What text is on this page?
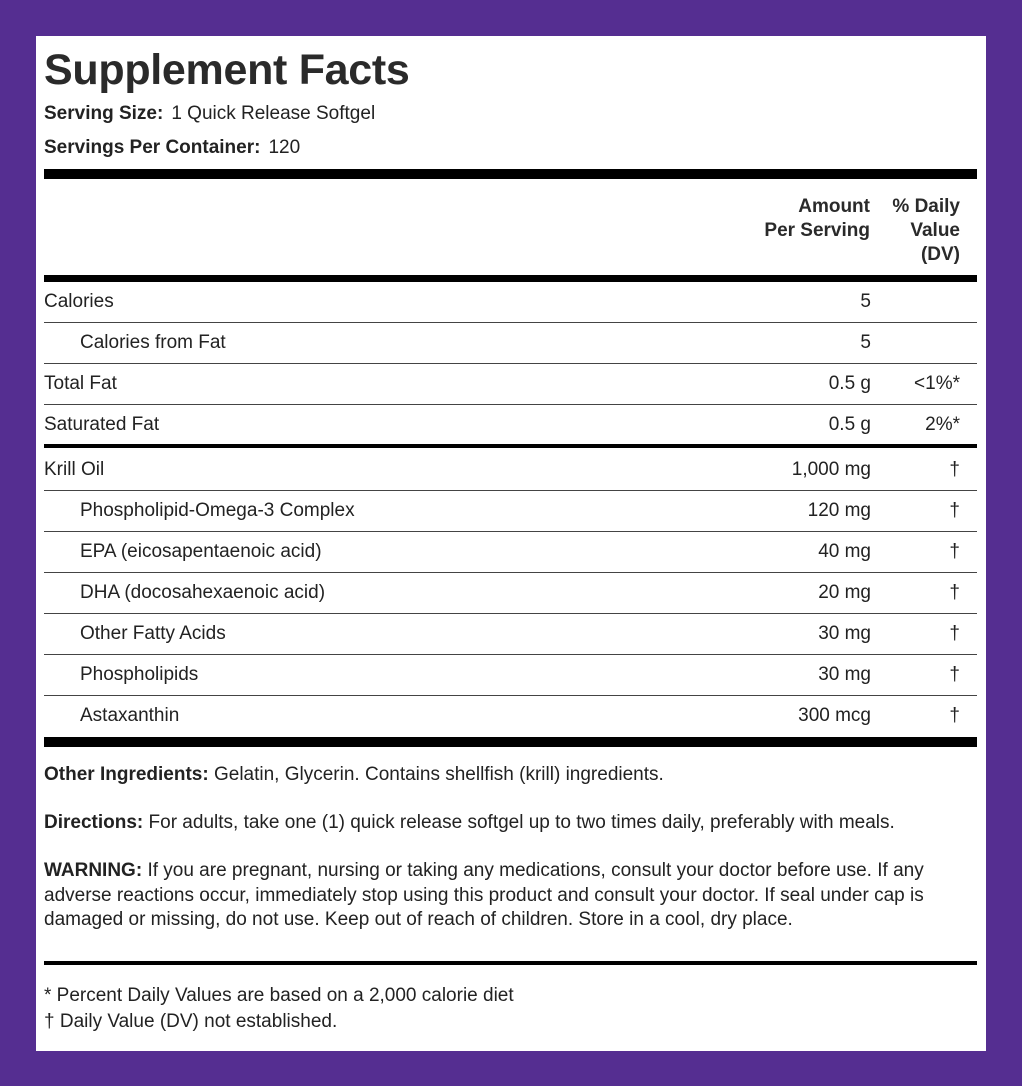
Supplement Facts
Serving Size: 1 Quick Release Softgel
Servings Per Container: 120
Amount
Per Serving
% Daily
Value
(DV)
Calories	5
Calories from Fat	5
Total Fat	0.5 g <1%*
Saturated Fat	0.5 g	2%*
Krill Oil	1,000 mg	†
Phospholipid-Omega-3 Complex	120 mg	†
EPA (eicosapentaenoic acid)	40 mg	†
DHA (docosahexaenoic acid)	20 mg	†
Other Fatty Acids	30 mg	†
Phospholipids	30 mg	†
Astaxanthin	300 mcg	†
Other Ingredients: Gelatin, Glycerin. Contains shellfish (krill) ingredients.
Directions: For adults, take one (1) quick release softgel up to two times daily, preferably with meals.
WARNING: If you are pregnant, nursing or taking any medications, consult your doctor before use. If any adverse reactions occur, immediately stop using this product and consult your doctor. If seal under cap is damaged or missing, do not use. Keep out of reach of children. Store in a cool, dry place.
* Percent Daily Values are based on a 2,000 calorie diet
† Daily Value (DV) not established.
